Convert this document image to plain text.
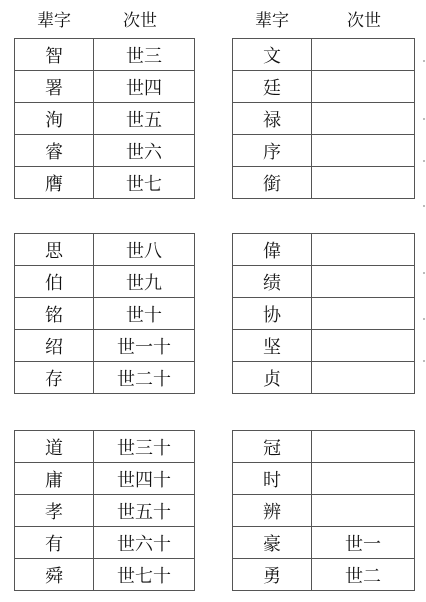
辈字	次世	辈字	次世
智	世三
署	世四
洵	世五
睿	世六
膺	世七
思	世八
伯	世九
铭	世十
绍	世一十
存	世二十
道	世三十
庸	世四十
孝	世五十
有	世六十
舜	世七十
文	
廷	
禄	
序	
銜	
偉	
绩	
协	
坚	
贞	
冠	
时	
辨	
豪	世一
勇	世二
